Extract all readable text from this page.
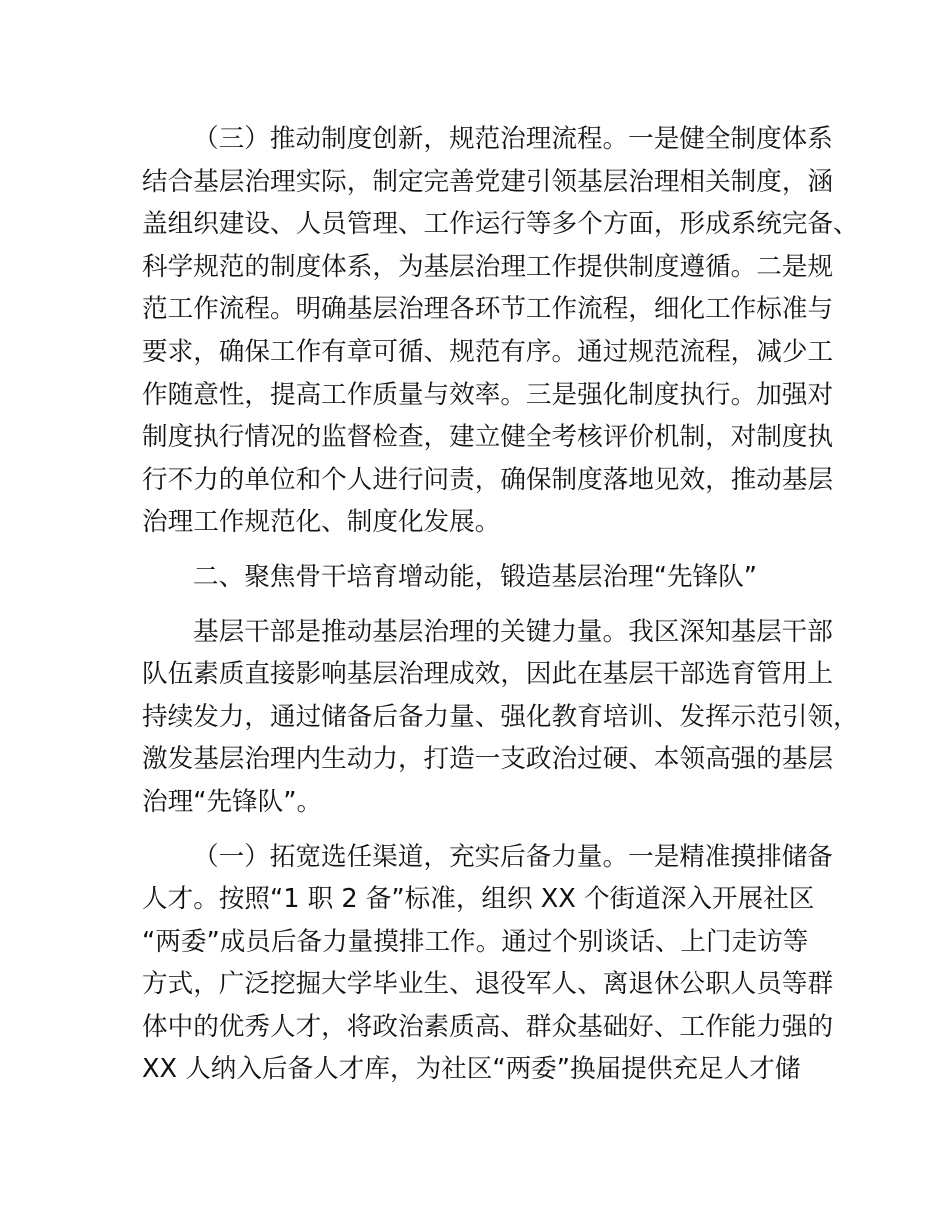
（三）推动制度创新，规范治理流程。一是健全制度体系
结合基层治理实际，制定完善党建引领基层治理相关制度，涵
盖组织建设、人员管理、工作运行等多个方面，形成系统完备、
科学规范的制度体系，为基层治理工作提供制度遵循。二是规
范工作流程。明确基层治理各环节工作流程，细化工作标准与
要求，确保工作有章可循、规范有序。通过规范流程，减少工
作随意性，提高工作质量与效率。三是强化制度执行。加强对
制度执行情况的监督检查，建立健全考核评价机制，对制度执
行不力的单位和个人进行问责，确保制度落地见效，推动基层
治理工作规范化、制度化发展。
二、聚焦骨干培育增动能，锻造基层治理“先锋队”
基层干部是推动基层治理的关键力量。我区深知基层干部
队伍素质直接影响基层治理成效，因此在基层干部选育管用上
持续发力，通过储备后备力量、强化教育培训、发挥示范引领，
激发基层治理内生动力，打造一支政治过硬、本领高强的基层
治理“先锋队”。
（一）拓宽选任渠道，充实后备力量。一是精准摸排储备
人才。按照“1 职 2 备”标准，组织 XX 个街道深入开展社区
“两委”成员后备力量摸排工作。通过个别谈话、上门走访等
方式，广泛挖掘大学毕业生、退役军人、离退休公职人员等群
体中的优秀人才，将政治素质高、群众基础好、工作能力强的
XX 人纳入后备人才库，为社区“两委”换届提供充足人才储
